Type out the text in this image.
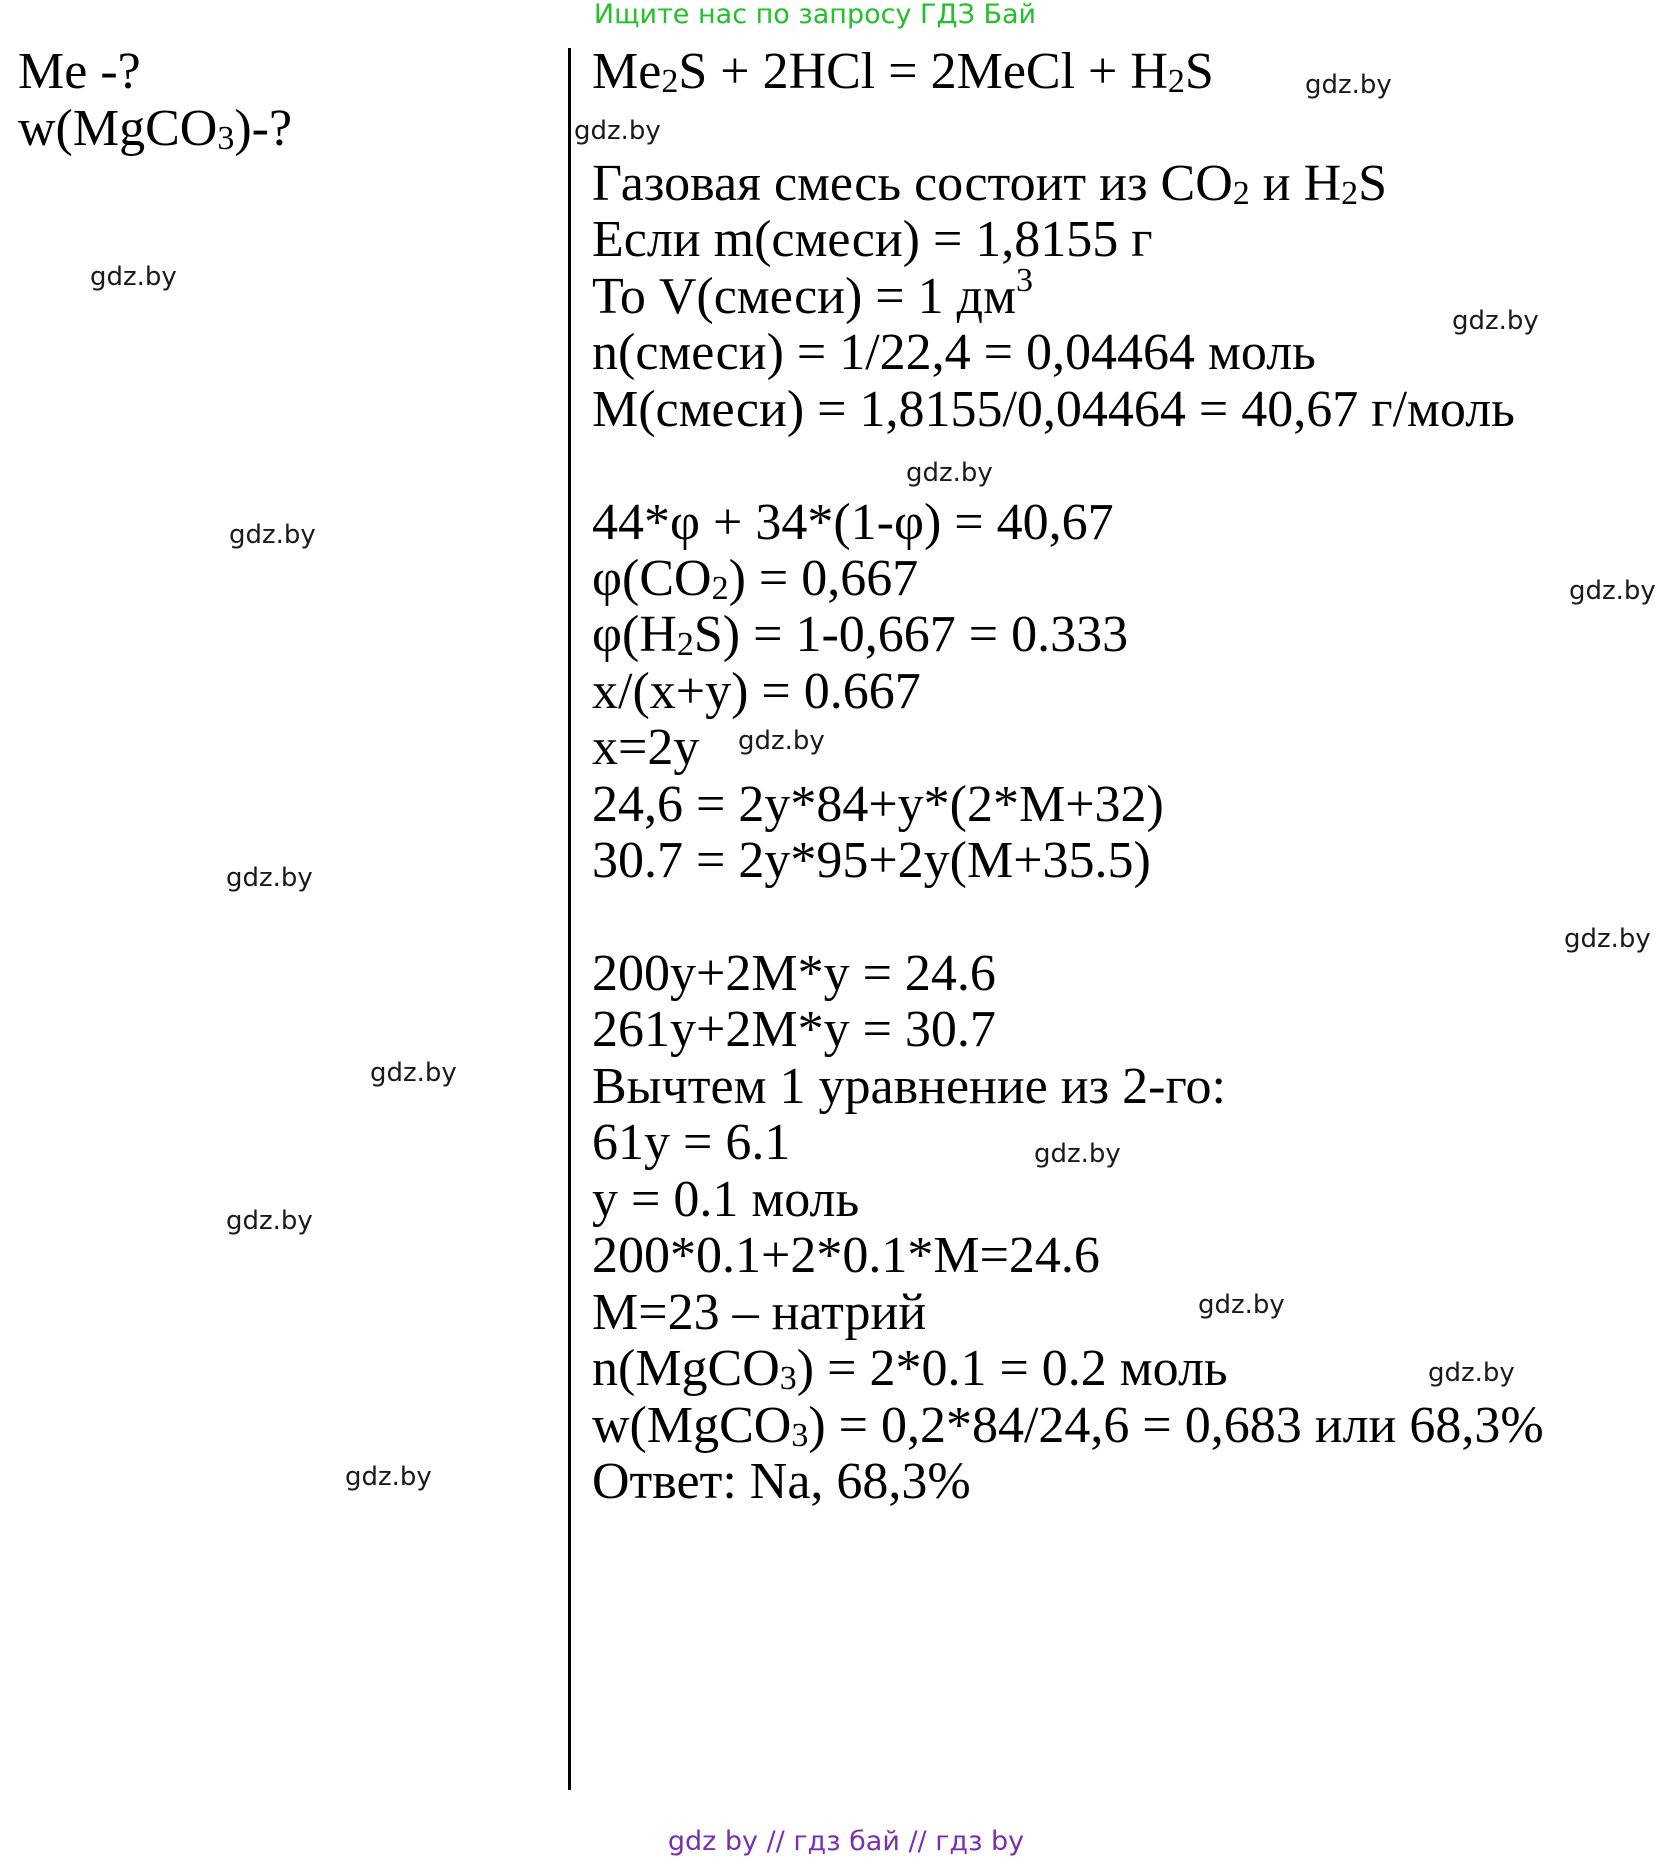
Ищите нас по запросу ГДЗ Бай
Me -?
w(MgCO$_3$)-?
$Me_2S + 2HCl$ = 2MeCl + $H_2S$
Газовая смесь состоит из $CO_2$ и $H_2S$
Если m(смеси) = 1,8155 г
То V(смеси) = 1 $дм^3$
n(смеси) = 1/22,4 = 0,04464 моль
M(смеси) = 1,8155/0,04464 = 40,67 г/моль
44*φ + 34*(1-φ) = 40,67
$\varphi(CO_2) = 0,667$
$\varphi(H_2S) = 1-0,667 = 0.333$
x/(x+y) = 0.667
x=2y
24,6 = 2y*84+y*(2*M+32)
30.7 = 2y*95+2y(M+35.5)
200y+2M*y = 24.6
261y+2M*y = 30.7
Вычтем 1 уравнение из 2-го:
61y = 6.1
y = 0.1 моль
200*0.1+2*0.1*M=24.6
M=23 – натрий
n(MgCO$_3$) = 2*0.1 = 0.2 моль
w(MgCO$_3$) = 0,2*84/24,6 = 0,683 или 68,3%
Ответ: Na, 68,3%
gdz.by
gdz.by
gdz.by
gdz.by
gdz.by
gdz.by
gdz.by
gdz.by
gdz.by
gdz.by
gdz.by
gdz.by
gdz.by
gdz.by
gdz.by
gdz.by
gdz by // гдз бай // гдз by
